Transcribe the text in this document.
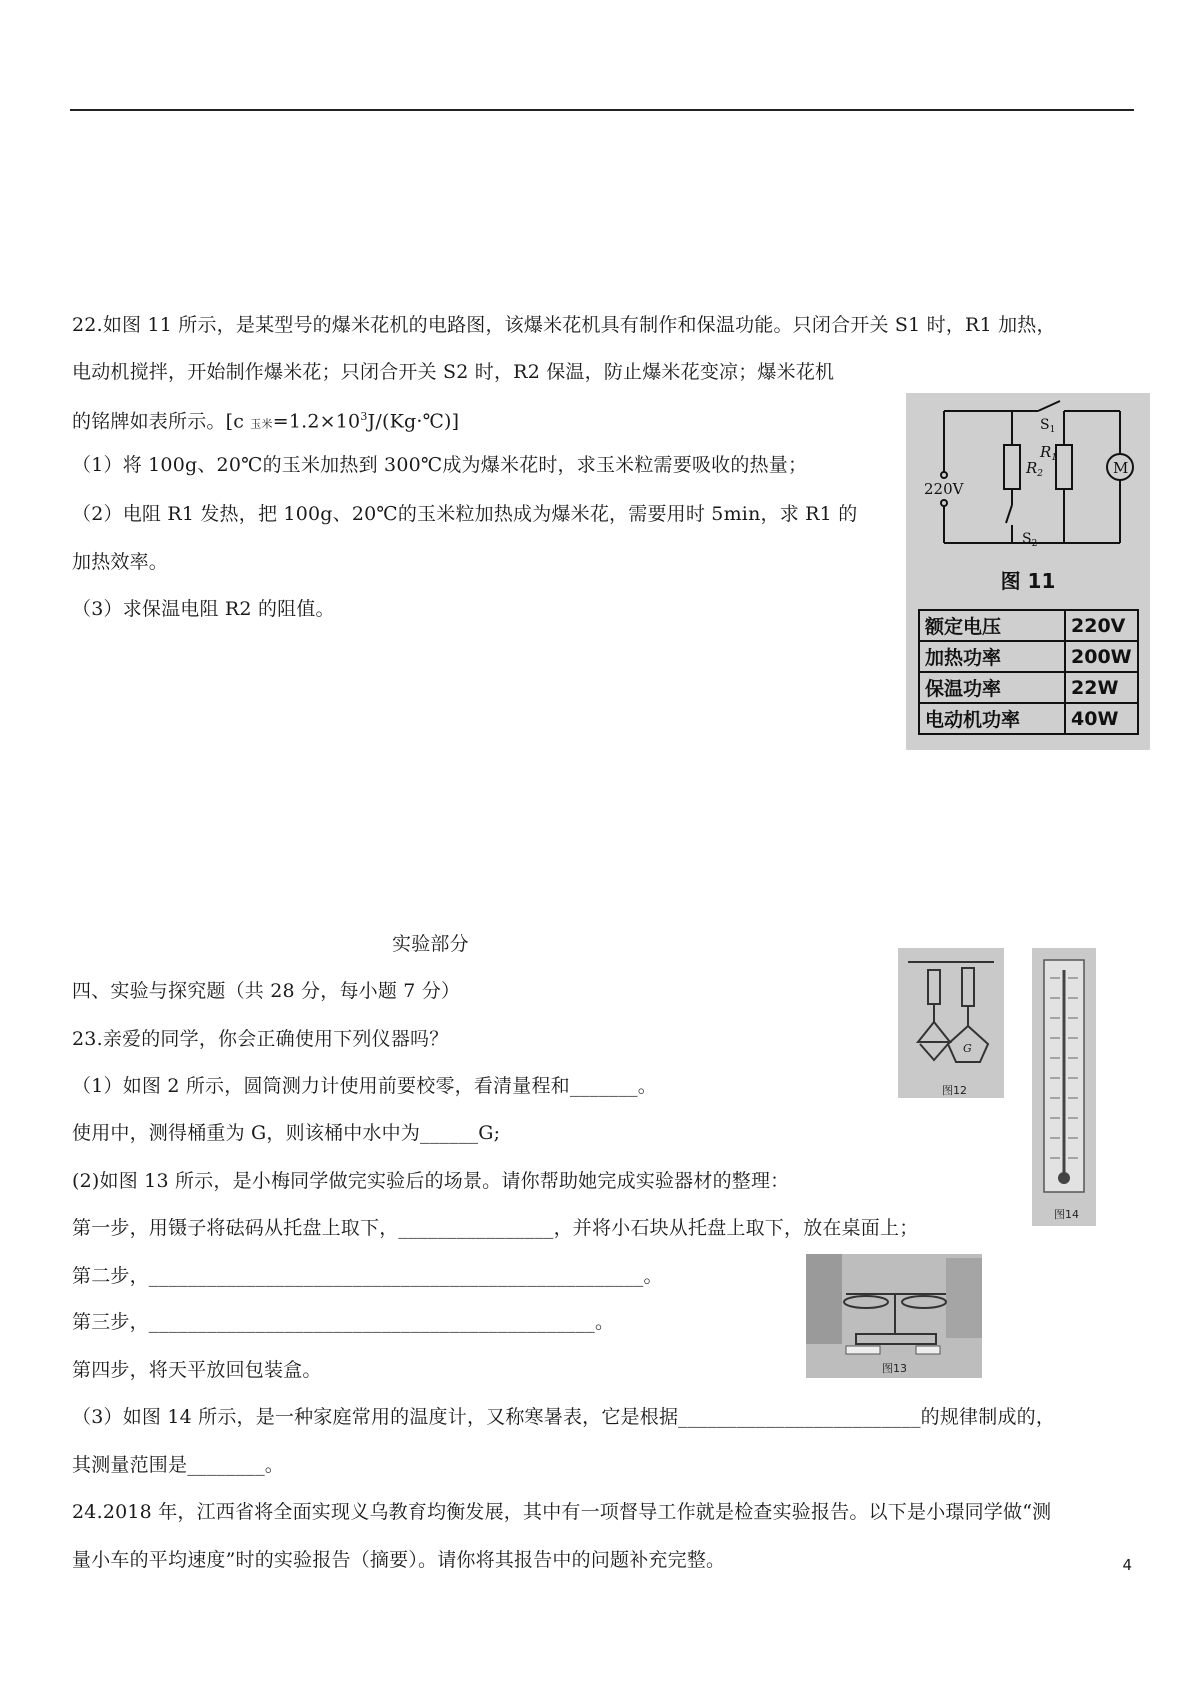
22.如图 11 所示，是某型号的爆米花机的电路图，该爆米花机具有制作和保温功能。只闭合开关 S1 时，R1 加热，
电动机搅拌，开始制作爆米花；只闭合开关 S2 时，R2 保温，防止爆米花变凉；爆米花机
的铭牌如表所示。[c 玉米$=1.2\times 10^3J/(Kg\cdot℃)$]
（1）将 100g、20℃的玉米加热到 300℃成为爆米花时，求玉米粒需要吸收的热量；
（2）电阻 R1 发热，把 100g、20℃的玉米粒加热成为爆米花，需要用时 5min，求 R1 的
加热效率。
（3）求保温电阻 R2 的阻值。
220V
$S_1$
$S_2$
$R_2$
$R_1$
M
图 11
额定电压	220V
加热功率	200W
保温功率	22W
电动机功率	40W
实验部分
四、实验与探究题（共 28 分，每小题 7 分）
23.亲爱的同学，你会正确使用下列仪器吗？
（1）如图 2 所示，圆筒测力计使用前要校零，看清量程和_______。
使用中，测得桶重为 G，则该桶中水中为______G;
(2)如图 13 所示，是小梅同学做完实验后的场景。请你帮助她完成实验器材的整理：
第一步，用镊子将砝码从托盘上取下，________________，并将小石块从托盘上取下，放在桌面上；
第二步，___________________________________________________。
第三步，______________________________________________。
第四步，将天平放回包装盒。
（3）如图 14 所示，是一种家庭常用的温度计，又称寒暑表，它是根据_________________________的规律制成的，
其测量范围是________。
24.2018 年，江西省将全面实现义乌教育均衡发展，其中有一项督导工作就是检查实验报告。以下是小璟同学做“测
量小车的平均速度”时的实验报告（摘要）。请你将其报告中的问题补充完整。
G
图12
图14
图13
4
